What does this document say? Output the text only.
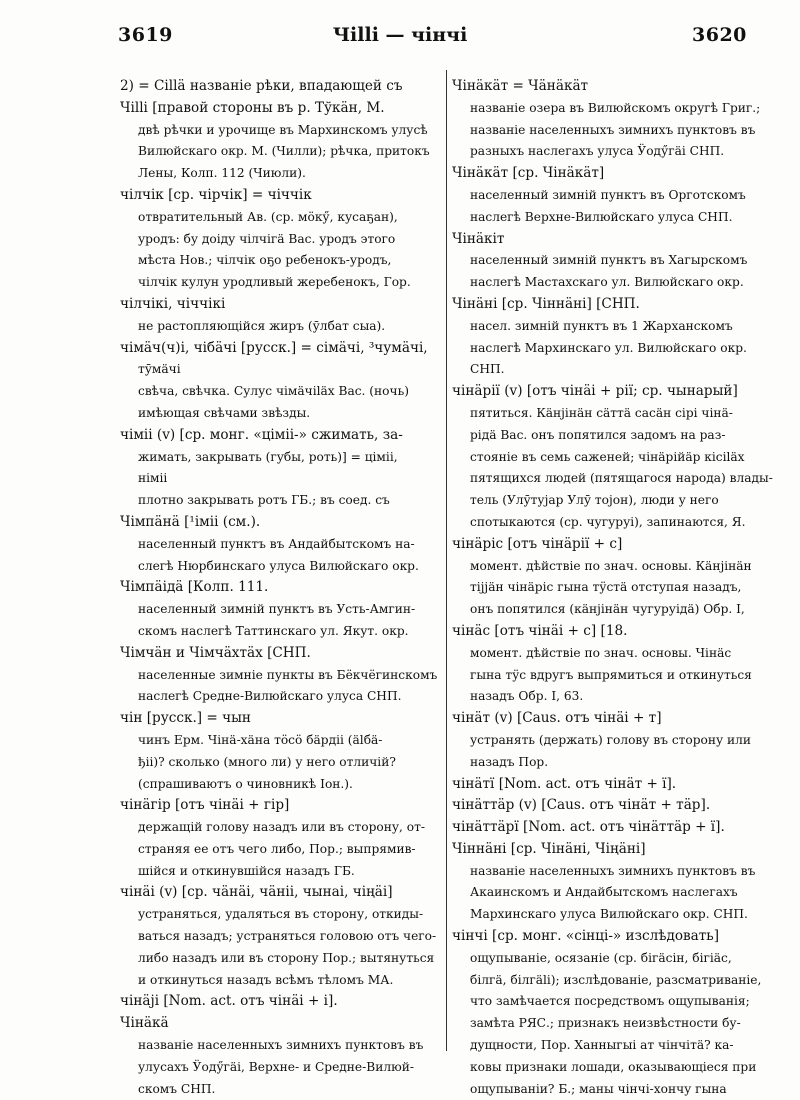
3619	Чіllі — чінчі	3620
2) = Cіllä названіе рѣки, впадающей съ
Чіllі [правой стороны въ р. Тўкäн, М.
двѣ рѣчки и урочище въ Мархинскомъ улусѣ
Вилюйскаго окр. М. (Чилли); рѣчка, притокъ
Лены, Колп. 112 (Чиюли).
чілчік [ср. чірчік] = чіччік
отвратительный Ав. (ср. мӧкӳ, кусаҕан),
уродъ: бу доіду чілчігä Вас. уродъ этого
мѣста Нов.; чілчік оҕо ребенокъ-уродъ,
чілчік кулун уродливый жеребенокъ, Гор.
чілчікі, чіччікі
не растопляющійся жиръ (ӯлбат сыа).
чімäч(ч)і, чібäчі [русск.] = сімäчі, ³чумäчі,
тӯмäчі
свѣча, свѣчка. Сулус чімäчіläх Вас. (ночь)
имѣющая свѣчами звѣзды.
чіміі (v) [ср. монг. «ціміі-» сжимать, за-
жимать, закрывать (губы, роть)] = ціміі,
німіі
плотно закрывать ротъ ГБ.; въ соед. съ
Чімпäнä [¹іміі (см.).
населенный пунктъ въ Андайбытскомъ на-
слегѣ Нюрбинскаго улуса Вилюйскаго окр.
Чімпäідä [Колп. 111.
населенный зимній пунктъ въ Усть-Амгин-
скомъ наслегѣ Таттинскаго ул. Якут. окр.
Чімчäн и Чімчäхтäх [СНП.
населенные зимніе пункты въ Бёкчёгинскомъ
наслегѣ Средне-Вилюйскаго улуса СНП.
чін [русск.] = чын
чинъ Ерм. Чінä-хäна тӧсӧ бäрдіі (älбä-
ђіі)? сколько (много ли) у него отличій?
(спрашиваютъ о чиновникѣ Іон.).
чінäгір [отъ чінäі + гір]
держащій голову назадъ или въ сторону, от-
страняя ее отъ чего либо, Пор.; выпрямив-
шійся и откинувшійся назадъ ГБ.
чінäі (v) [ср. чäнäі, чäніі, чынаі, чіңäі]
устраняться, удаляться въ сторону, откиды-
ваться назадъ; устраняться головою отъ чего-
либо назадъ или въ сторону Пор.; вытянуться
и откинуться назадъ всѣмъ тѣломъ МА.
чінäјі [Nom. act. отъ чінäі + і].
Чінäкä
названіе населенныхъ зимнихъ пунктовъ въ
улусахъ Ӱодӳгäі, Верхне- и Средне-Вилюй-
скомъ СНП.
Чінäкäт = Чäнäкäт
названіе озера въ Вилюйскомъ округѣ Григ.;
названіе населенныхъ зимнихъ пунктовъ въ
разныхъ наслегахъ улуса Ӱодӳгäі СНП.
Чінäкäт [ср. Чінäкäт]
населенный зимній пунктъ въ Орготскомъ
наслегѣ Верхне-Вилюйскаго улуса СНП.
Чінäкіт
населенный зимній пунктъ въ Хагырскомъ
наслегѣ Мастахскаго ул. Вилюйскаго окр.
Чінäні [ср. Чіннäні] [СНП.
насел. зимній пунктъ въ 1 Жарханскомъ
наслегѣ Мархинскаго ул. Вилюйскаго окр.
СНП.
чінäрії (v) [отъ чінäі + рії; ср. чынарый]
пятиться. Кäнјінäн сäттä сасäн сірі чінä-
рідä Вас. онъ попятился задомъ на раз-
стояніе въ семь саженей; чінäрійäр кісіläх
пятящихся людей (пятящагося народа) влады-
тель (Улӯтујар Улӯ тојон), люди у него
спотыкаются (ср. чугуруі), запинаются, Я.
чінäріс [отъ чінäрії + с]
момент. дѣйствіе по знач. основы. Кäнјінäн
тіјјäн чінäріс гына тӱстä отступая назадъ,
онъ попятился (кäнјінäн чугуруідä) Обр. І,
чінäс [отъ чінäі + с] [18.
момент. дѣйствіе по знач. основы. Чінäс
гына тӱс вдругъ выпрямиться и откинуться
назадъ Обр. І, 63.
чінäт (v) [Caus. отъ чінäі + т]
устранять (держать) голову въ сторону или
назадъ Пор.
чінäтї [Nom. act. отъ чінäт + ї].
чінäттäр (v) [Caus. отъ чінäт + тäр].
чінäттäрї [Nom. act. отъ чінäттäр + ї].
Чіннäні [ср. Чінäні, Чіңäні]
названіе населенныхъ зимнихъ пунктовъ въ
Акаинскомъ и Андайбытскомъ наслегахъ
Мархинскаго улуса Вилюйскаго окр. СНП.
чінчі [ср. монг. «сінці-» изслѣдовать]
ощупываніе, осязаніе (ср. бігäсін, бігіäс,
білгä, білгälі); изслѣдованіе, разсматриваніе,
что замѣчается посредствомъ ощупыванія;
замѣта РЯС.; признакъ неизвѣстности бу-
дущности, Пор. Ханныгыі ат чінчітä? ка-
ковы признаки лошади, оказывающіеся при
ощупываніи? Б.; маны чінчі-хончу гына
